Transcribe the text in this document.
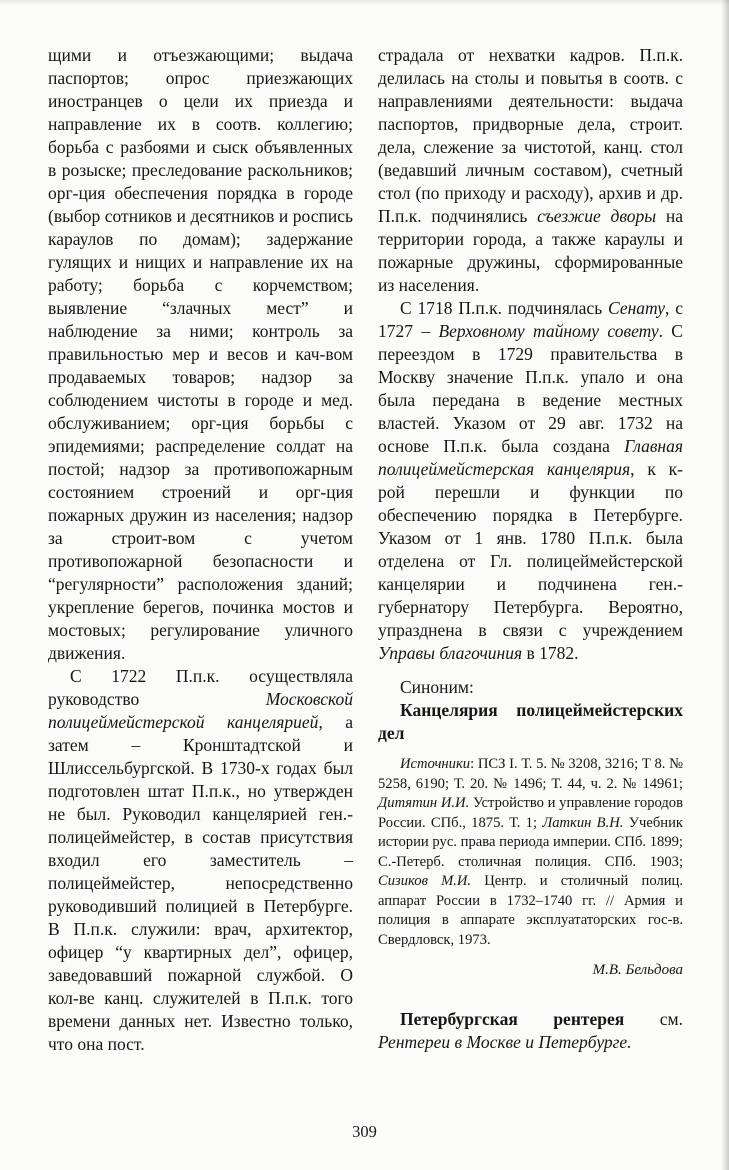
щими и отъезжающими; выдача паспортов; опрос приезжающих иностранцев о цели их приезда и направление их в соотв. коллегию; борьба с разбоями и сыск объявленных в розыске; преследование раскольников; орг-ция обеспечения порядка в городе (выбор сотников и десятников и роспись караулов по домам); задержание гулящих и нищих и направление их на работу; борьба с корчемством; выявление “злачных мест” и наблюдение за ними; контроль за правильностью мер и весов и кач-вом продаваемых товаров; надзор за соблюдением чистоты в городе и мед. обслуживанием; орг-ция борьбы с эпидемиями; распределение солдат на постой; надзор за противопожарным состоянием строений и орг-ция пожарных дружин из населения; надзор за строит-вом с учетом противопожарной безопасности и “регулярности” расположения зданий; укрепление берегов, починка мостов и мостовых; регулирование уличного движения.

С 1722 П.п.к. осуществляла руководство Московской полицеймейстерской канцелярией, а затем – Кронштадтской и Шлиссельбургской. В 1730-х годах был подготовлен штат П.п.к., но утвержден не был. Руководил канцелярией ген.-полицеймейстер, в состав присутствия входил его заместитель – полицеймейстер, непосредственно руководивший полицией в Петербурге. В П.п.к. служили: врач, архитектор, офицер “у квартирных дел”, офицер, заведовавший пожарной службой. О кол-ве канц. служителей в П.п.к. того времени данных нет. Известно только, что она пост.

страдала от нехватки кадров. П.п.к. делилась на столы и повытья в соотв. с направлениями деятельности: выдача паспортов, придворные дела, строит. дела, слежение за чистотой, канц. стол (ведавший личным составом), счетный стол (по приходу и расходу), архив и др. П.п.к. подчинялись съезжие дворы на территории города, а также караулы и пожарные дружины, сформированные из населения.

С 1718 П.п.к. подчинялась Сенату, с 1727 – Верховному тайному совету. С переездом в 1729 правительства в Москву значение П.п.к. упало и она была передана в ведение местных властей. Указом от 29 авг. 1732 на основе П.п.к. была создана Главная полицеймейстерская канцелярия, к к-рой перешли и функции по обеспечению порядка в Петербурге. Указом от 1 янв. 1780 П.п.к. была отделена от Гл. полицеймейстерской канцелярии и подчинена ген.-губернатору Петербурга. Вероятно, упразднена в связи с учреждением Управы благочиния в 1782.

Синоним:

Канцелярия полицеймейстерских дел

Источники: ПСЗ I. Т. 5. № 3208, 3216; Т 8. № 5258, 6190; Т. 20. № 1496; Т. 44, ч. 2. № 14961; Дитятин И.И. Устройство и управление городов России. СПб., 1875. Т. 1; Латкин В.Н. Учебник истории рус. права периода империи. СПб. 1899; С.-Петерб. столичная полиция. СПб. 1903; Сизиков М.И. Центр. и столичный полиц. аппарат России в 1732–1740 гг. // Армия и полиция в аппарате эксплуататорских гос-в. Свердловск, 1973.

М.В. Бельдова

Петербургская рентерея см. Рентереи в Москве и Петербурге.

309
